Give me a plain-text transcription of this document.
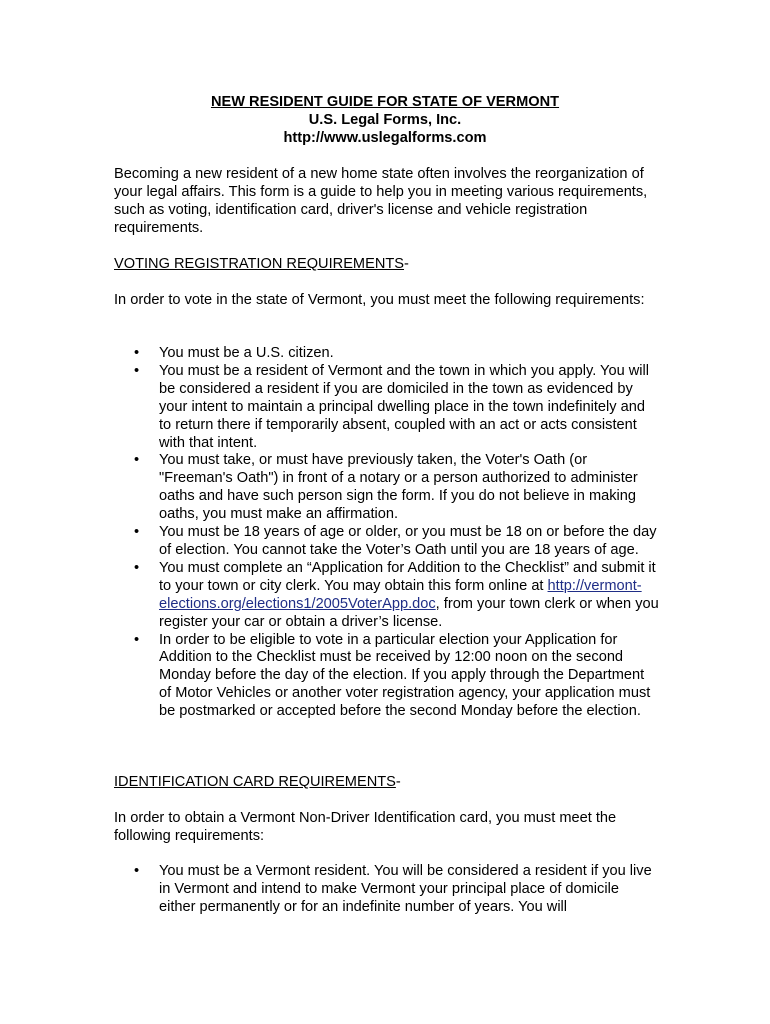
NEW RESIDENT GUIDE FOR STATE OF VERMONT
U.S. Legal Forms, Inc.
http://www.uslegalforms.com
Becoming a new resident of a new home state often involves the reorganization of your legal affairs. This form is a guide to help you in meeting various requirements, such as voting, identification card, driver's license and vehicle registration requirements.
VOTING REGISTRATION REQUIREMENTS-
In order to vote in the state of Vermont, you must meet the following requirements:
• You must be a U.S. citizen.
• You must be a resident of Vermont and the town in which you apply. You will be considered a resident if you are domiciled in the town as evidenced by your intent to maintain a principal dwelling place in the town indefinitely and to return there if temporarily absent, coupled with an act or acts consistent with that intent.
• You must take, or must have previously taken, the Voter's Oath (or "Freeman's Oath") in front of a notary or a person authorized to administer oaths and have such person sign the form. If you do not believe in making oaths, you must make an affirmation.
• You must be 18 years of age or older, or you must be 18 on or before the day of election. You cannot take the Voter’s Oath until you are 18 years of age.
• You must complete an “Application for Addition to the Checklist” and submit it to your town or city clerk. You may obtain this form online at http://vermont-elections.org/elections1/2005VoterApp.doc, from your town clerk or when you register your car or obtain a driver’s license.
• In order to be eligible to vote in a particular election your Application for Addition to the Checklist must be received by 12:00 noon on the second Monday before the day of the election. If you apply through the Department of Motor Vehicles or another voter registration agency, your application must be postmarked or accepted before the second Monday before the election.
IDENTIFICATION CARD REQUIREMENTS-
In order to obtain a Vermont Non-Driver Identification card, you must meet the following requirements:
• You must be a Vermont resident. You will be considered a resident if you live in Vermont and intend to make Vermont your principal place of domicile either permanently or for an indefinite number of years. You will
